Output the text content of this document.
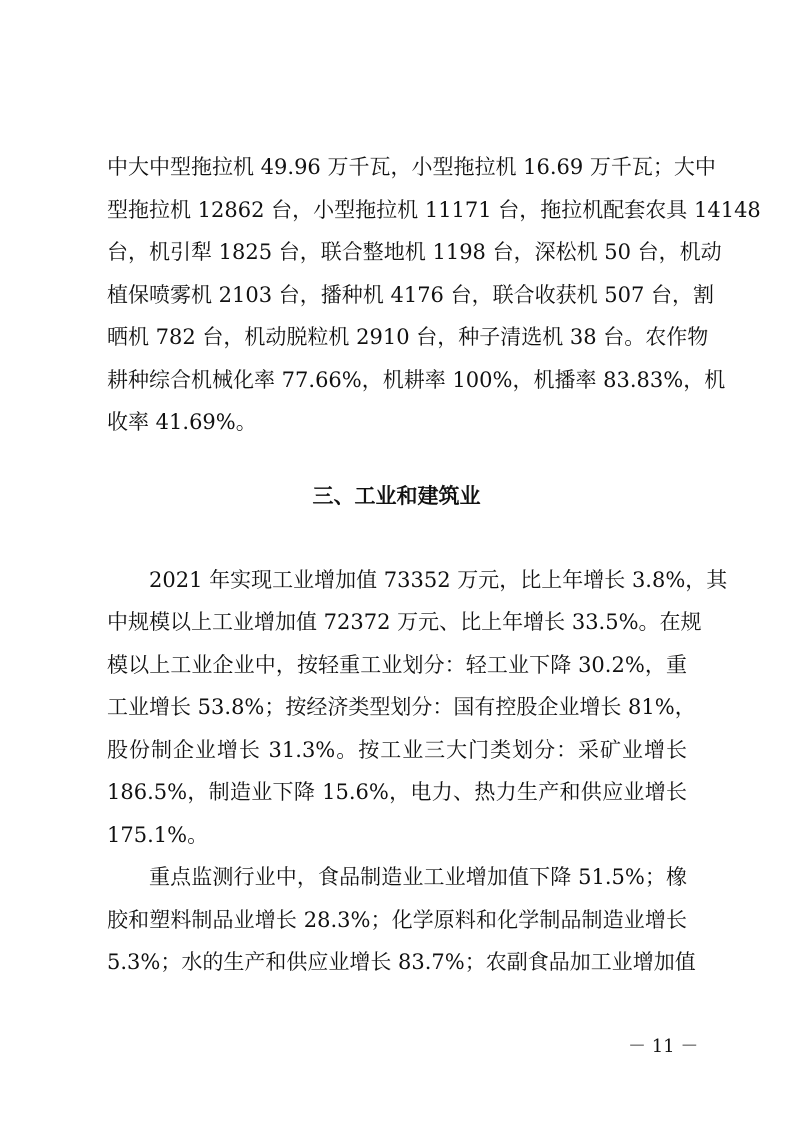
中大中型拖拉机 49.96 万千瓦，小型拖拉机 16.69 万千瓦；大中
型拖拉机 12862 台，小型拖拉机 11171 台，拖拉机配套农具 14148
台，机引犁 1825 台，联合整地机 1198 台，深松机 50 台，机动
植保喷雾机 2103 台，播种机 4176 台，联合收获机 507 台，割
晒机 782 台，机动脱粒机 2910 台，种子清选机 38 台。农作物
耕种综合机械化率 77.66%，机耕率 100%，机播率 83.83%，机
收率 41.69%。
三、工业和建筑业
2021 年实现工业增加值 73352 万元，比上年增长 3.8%，其
中规模以上工业增加值 72372 万元、比上年增长 33.5%。在规
模以上工业企业中，按轻重工业划分：轻工业下降 30.2%，重
工业增长 53.8%；按经济类型划分：国有控股企业增长 81%，
股份制企业增长 31.3%。按工业三大门类划分：采矿业增长
186.5%，制造业下降 15.6%，电力、热力生产和供应业增长
175.1%。
重点监测行业中，食品制造业工业增加值下降 51.5%；橡
胶和塑料制品业增长 28.3%；化学原料和化学制品制造业增长
5.3%；水的生产和供应业增长 83.7%；农副食品加工业增加值
－ 11 －
